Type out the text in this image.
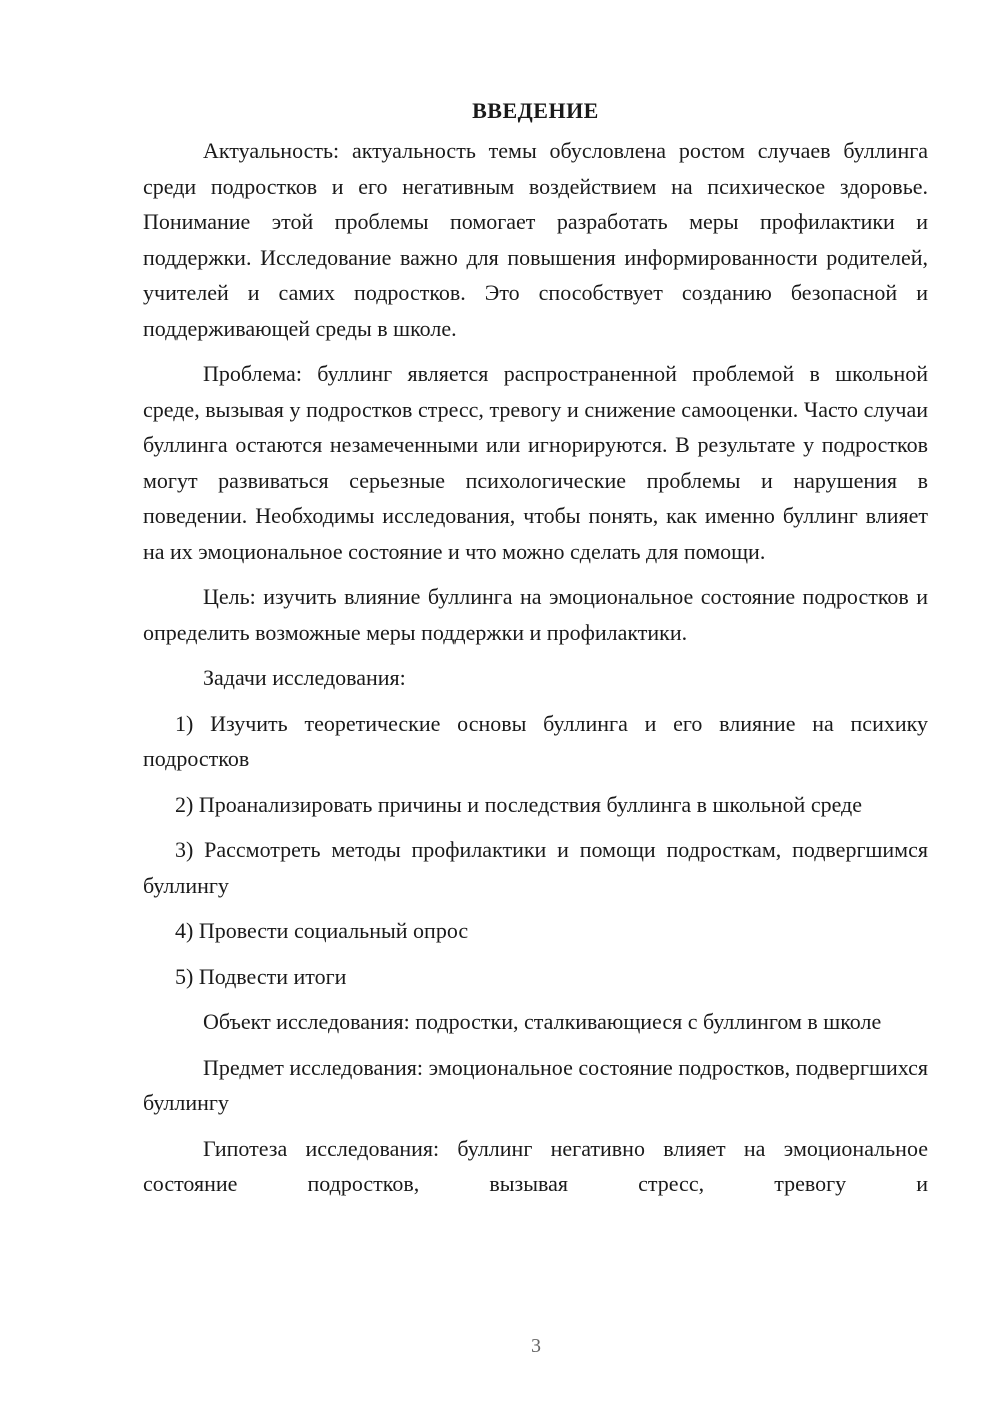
ВВЕДЕНИЕ

Актуальность: актуальность темы обусловлена ростом случаев буллинга среди подростков и его негативным воздействием на психическое здоровье. Понимание этой проблемы помогает разработать меры профилактики и поддержки. Исследование важно для повышения информированности родителей, учителей и самих подростков. Это способствует созданию безопасной и поддерживающей среды в школе.

Проблема: буллинг является распространенной проблемой в школьной среде, вызывая у подростков стресс, тревогу и снижение самооценки. Часто случаи буллинга остаются незамеченными или игнорируются. В результате у подростков могут развиваться серьезные психологические проблемы и нарушения в поведении. Необходимы исследования, чтобы понять, как именно буллинг влияет на их эмоциональное состояние и что можно сделать для помощи.

Цель: изучить влияние буллинга на эмоциональное состояние подростков и определить возможные меры поддержки и профилактики.

Задачи исследования:

1) Изучить теоретические основы буллинга и его влияние на психику подростков

2) Проанализировать причины и последствия буллинга в школьной среде

3) Рассмотреть методы профилактики и помощи подросткам, подвергшимся буллингу

4) Провести социальный опрос

5) Подвести итоги

Объект исследования: подростки, сталкивающиеся с буллингом в школе

Предмет исследования: эмоциональное состояние подростков, подвергшихся буллингу

Гипотеза исследования: буллинг негативно влияет на эмоциональное состояние подростков, вызывая стресс, тревогу и

3
